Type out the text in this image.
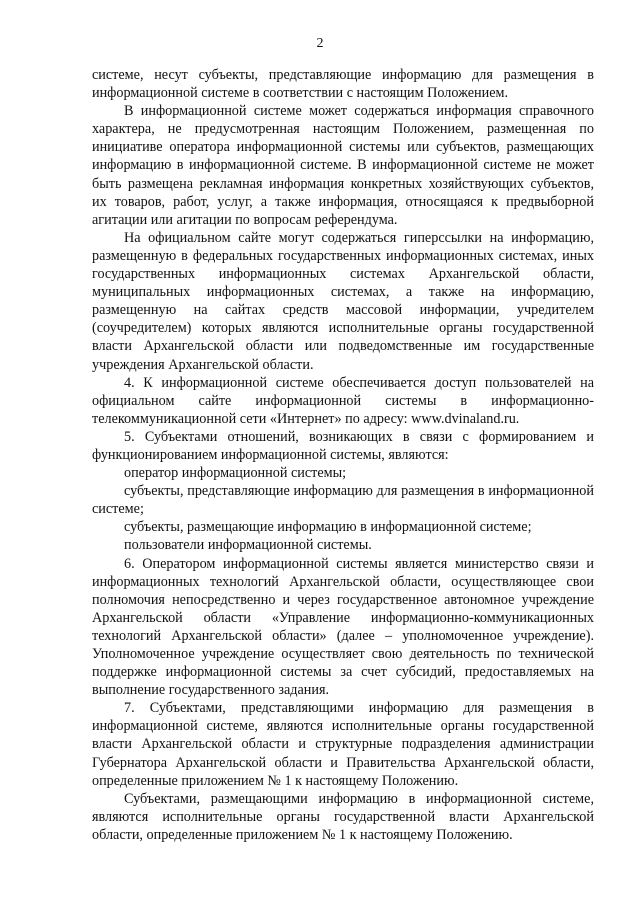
2

системе, несут субъекты, представляющие информацию для размещения в информационной системе в соответствии с настоящим Положением.

В информационной системе может содержаться информация справочного характера, не предусмотренная настоящим Положением, размещенная по инициативе оператора информационной системы или субъектов, размещающих информацию в информационной системе. В информационной системе не может быть размещена рекламная информация конкретных хозяйствующих субъектов, их товаров, работ, услуг, а также информация, относящаяся к предвыборной агитации или агитации по вопросам референдума.

На официальном сайте могут содержаться гиперссылки на информацию, размещенную в федеральных государственных информационных системах, иных государственных информационных системах Архангельской области, муниципальных информационных системах, а также на информацию, размещенную на сайтах средств массовой информации, учредителем (соучредителем) которых являются исполнительные органы государственной власти Архангельской области или подведомственные им государственные учреждения Архангельской области.

4. К информационной системе обеспечивается доступ пользователей на официальном сайте информационной системы в информационно-телекоммуникационной сети «Интернет» по адресу: www.dvinaland.ru.

5. Субъектами отношений, возникающих в связи с формированием и функционированием информационной системы, являются:

оператор информационной системы;

субъекты, представляющие информацию для размещения в информационной системе;

субъекты, размещающие информацию в информационной системе;

пользователи информационной системы.

6. Оператором информационной системы является министерство связи и информационных технологий Архангельской области, осуществляющее свои полномочия непосредственно и через государственное автономное учреждение Архангельской области «Управление информационно-коммуникационных технологий Архангельской области» (далее – уполномоченное учреждение). Уполномоченное учреждение осуществляет свою деятельность по технической поддержке информационной системы за счет субсидий, предоставляемых на выполнение государственного задания.

7. Субъектами, представляющими информацию для размещения в информационной системе, являются исполнительные органы государственной власти Архангельской области и структурные подразделения администрации Губернатора Архангельской области и Правительства Архангельской области, определенные приложением № 1 к настоящему Положению.

Субъектами, размещающими информацию в информационной системе, являются исполнительные органы государственной власти Архангельской области, определенные приложением № 1 к настоящему Положению.
